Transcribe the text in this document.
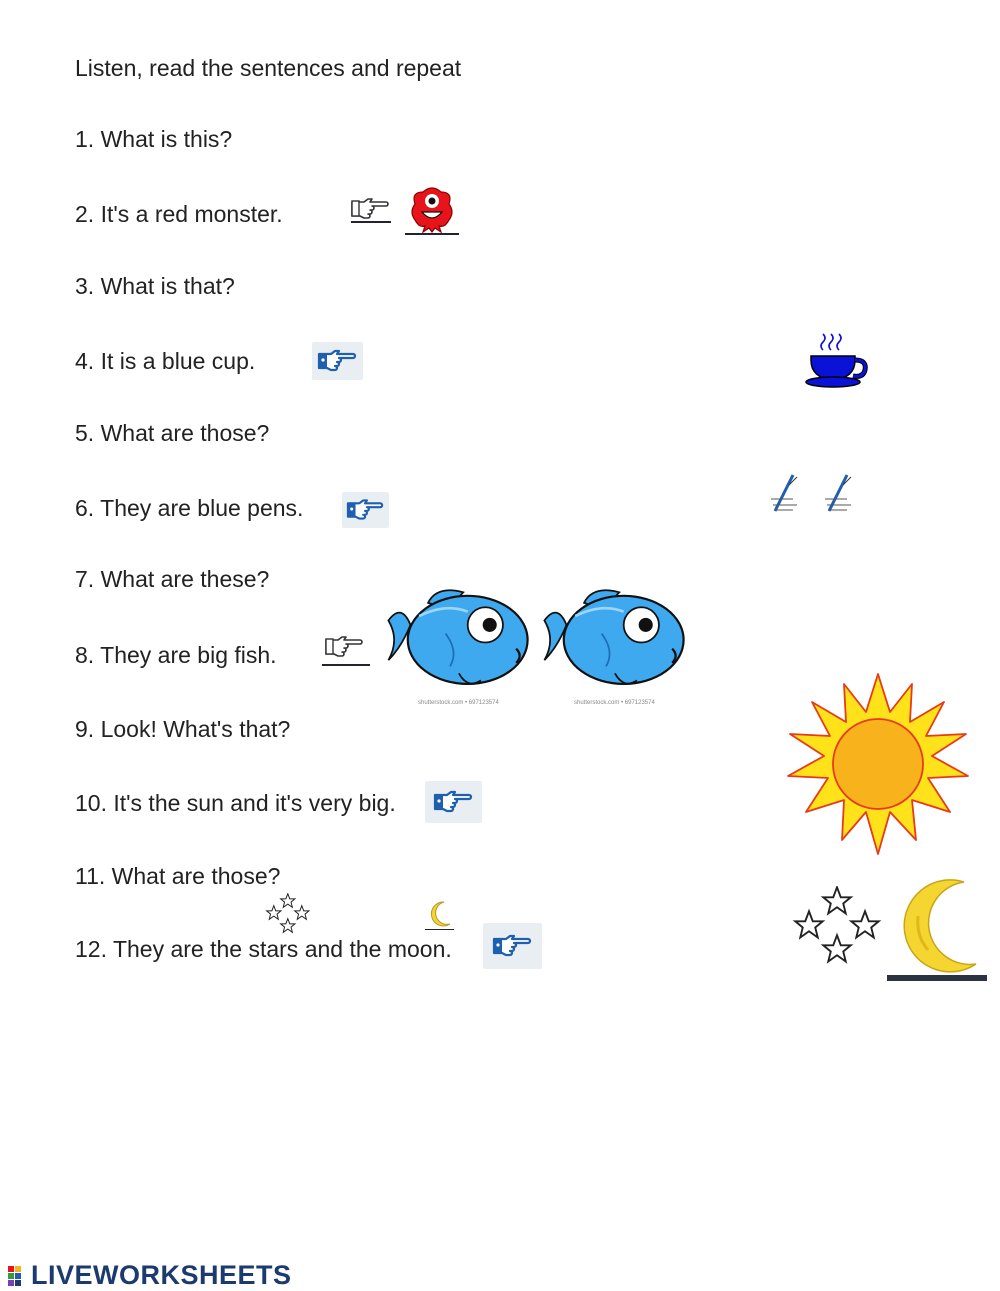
Listen, read the sentences and repeat
1. What is this?
2. It's a red monster.
3. What is that?
4. It is a blue cup.
5. What are those?
6. They are blue pens.
7. What are these?
8. They are big fish.
9. Look! What's that?
10. It's the sun and it's very big.
11. What are those?
12. They are the stars and the moon.
shutterstock.com • 697123574	shutterstock.com • 697123574
LIVEWORKSHEETS
